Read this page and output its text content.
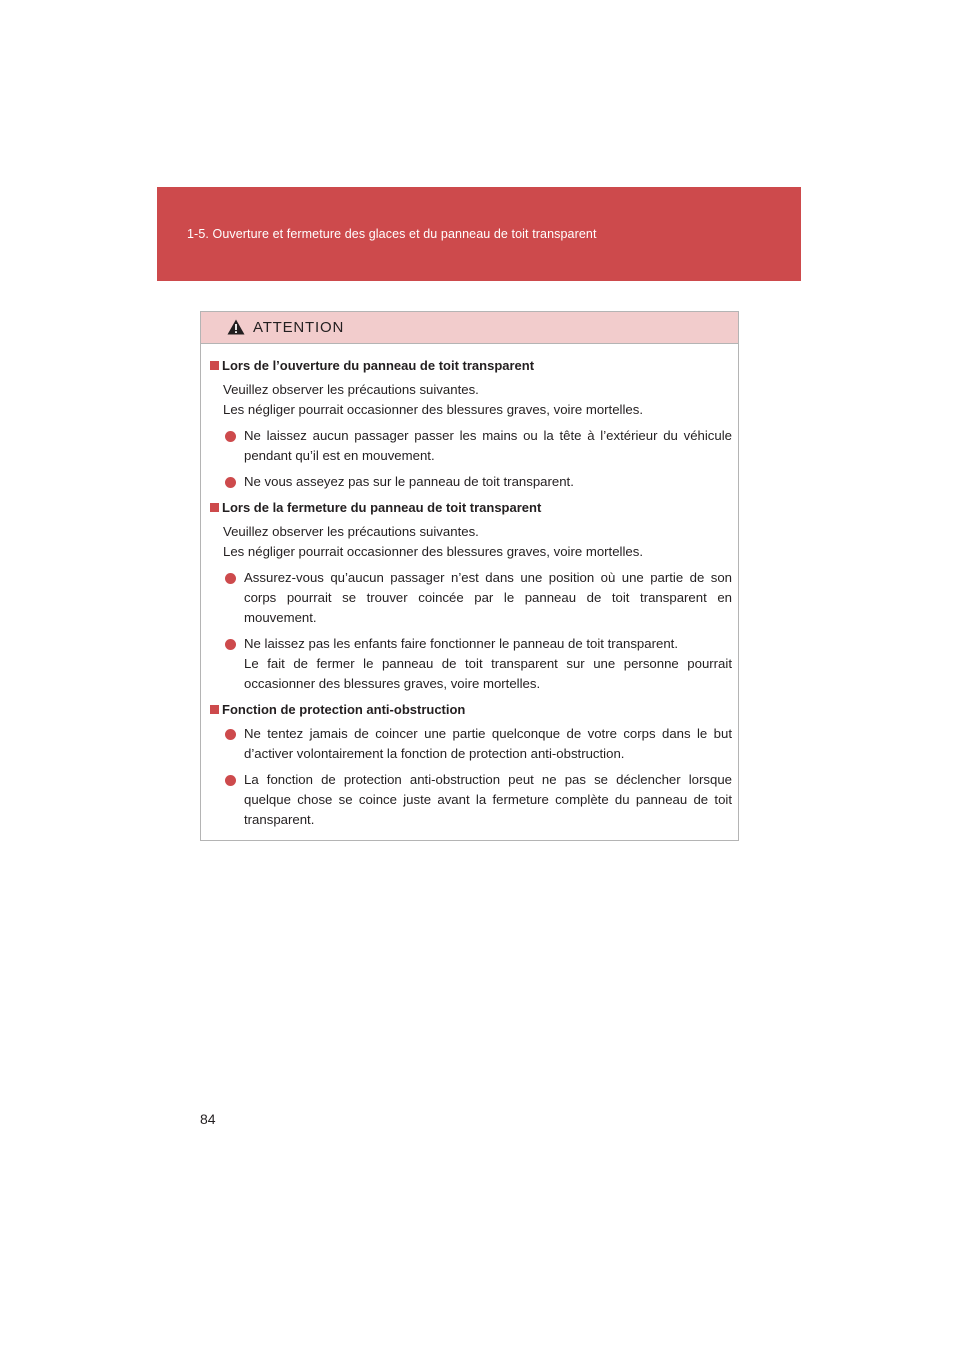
1-5. Ouverture et fermeture des glaces et du panneau de toit transparent
ATTENTION
Lors de l’ouverture du panneau de toit transparent
Veuillez observer les précautions suivantes.
Les négliger pourrait occasionner des blessures graves, voire mortelles.
Ne laissez aucun passager passer les mains ou la tête à l’extérieur du véhicule pendant qu’il est en mouvement.
Ne vous asseyez pas sur le panneau de toit transparent.
Lors de la fermeture du panneau de toit transparent
Veuillez observer les précautions suivantes.
Les négliger pourrait occasionner des blessures graves, voire mortelles.
Assurez-vous qu’aucun passager n’est dans une position où une partie de son corps pourrait se trouver coincée par le panneau de toit transparent en mouvement.
Ne laissez pas les enfants faire fonctionner le panneau de toit transparent.
Le fait de fermer le panneau de toit transparent sur une personne pourrait occasionner des blessures graves, voire mortelles.
Fonction de protection anti-obstruction
Ne tentez jamais de coincer une partie quelconque de votre corps dans le but d’activer volontairement la fonction de protection anti-obstruction.
La fonction de protection anti-obstruction peut ne pas se déclencher lorsque quelque chose se coince juste avant la fermeture complète du panneau de toit transparent.
84
